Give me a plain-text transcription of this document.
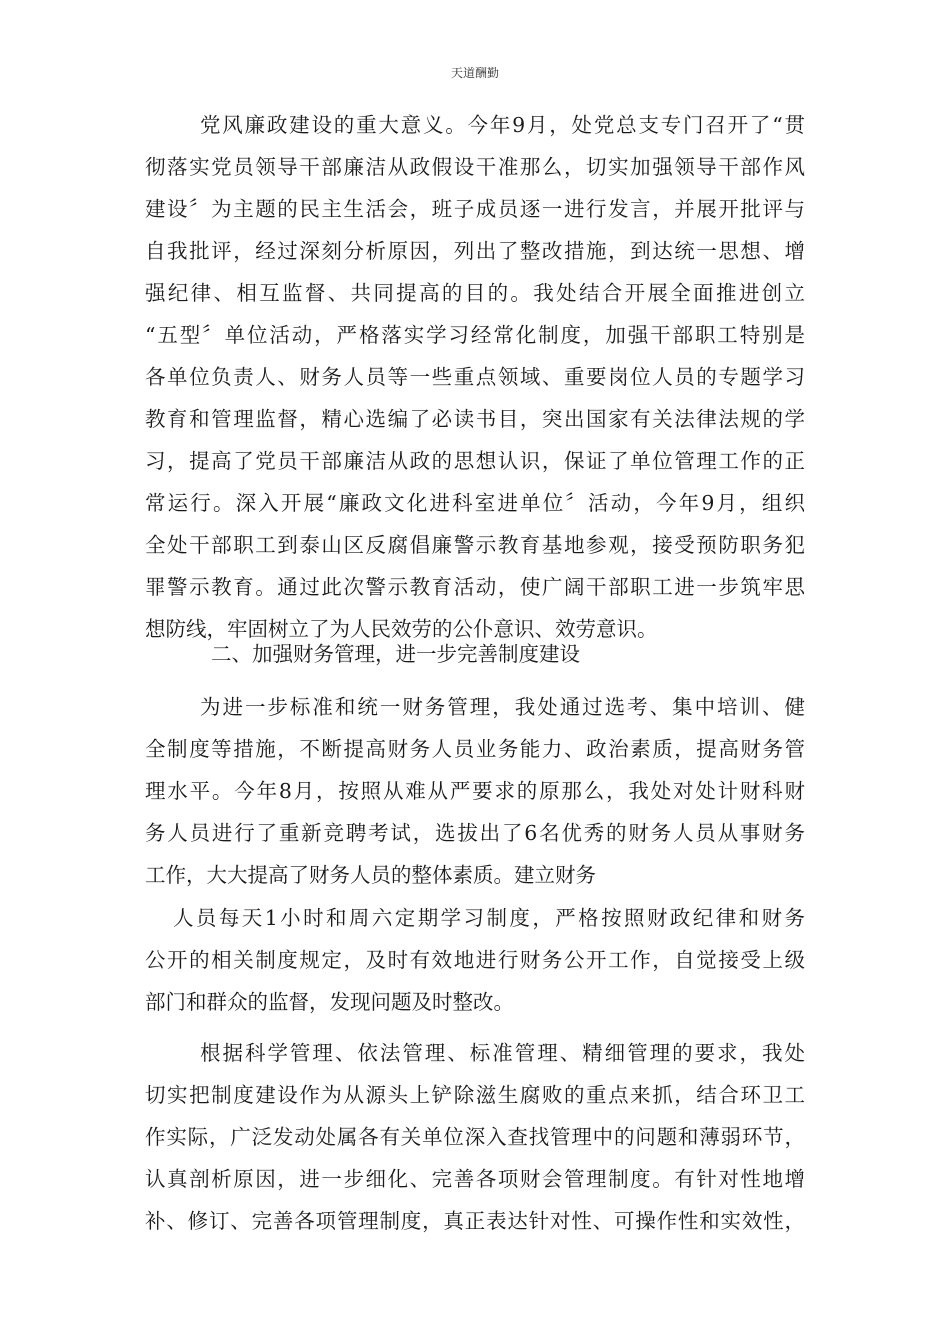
天道酬勤
党风廉政建设的重大意义。今年9月，处党总支专门召开了“贯
彻落实党员领导干部廉洁从政假设干准那么，切实加强领导干部作风
建设〞为主题的民主生活会，班子成员逐一进行发言，并展开批评与
自我批评，经过深刻分析原因，列出了整改措施，到达统一思想、增
强纪律、相互监督、共同提高的目的。我处结合开展全面推进创立
“五型〞单位活动，严格落实学习经常化制度，加强干部职工特别是
各单位负责人、财务人员等一些重点领域、重要岗位人员的专题学习
教育和管理监督，精心选编了必读书目，突出国家有关法律法规的学
习，提高了党员干部廉洁从政的思想认识，保证了单位管理工作的正
常运行。深入开展“廉政文化进科室进单位〞活动，今年9月，组织
全处干部职工到泰山区反腐倡廉警示教育基地参观，接受预防职务犯
罪警示教育。通过此次警示教育活动，使广阔干部职工进一步筑牢思
想防线，牢固树立了为人民效劳的公仆意识、效劳意识。
二、加强财务管理，进一步完善制度建设
为进一步标准和统一财务管理，我处通过选考、集中培训、健
全制度等措施，不断提高财务人员业务能力、政治素质，提高财务管
理水平。今年8月，按照从难从严要求的原那么，我处对处计财科财
务人员进行了重新竞聘考试，选拔出了6名优秀的财务人员从事财务
工作，大大提高了财务人员的整体素质。建立财务
人员每天1小时和周六定期学习制度，严格按照财政纪律和财务
公开的相关制度规定，及时有效地进行财务公开工作，自觉接受上级
部门和群众的监督，发现问题及时整改。
根据科学管理、依法管理、标准管理、精细管理的要求，我处
切实把制度建设作为从源头上铲除滋生腐败的重点来抓，结合环卫工
作实际，广泛发动处属各有关单位深入查找管理中的问题和薄弱环节，
认真剖析原因，进一步细化、完善各项财会管理制度。有针对性地增
补、修订、完善各项管理制度，真正表达针对性、可操作性和实效性，
